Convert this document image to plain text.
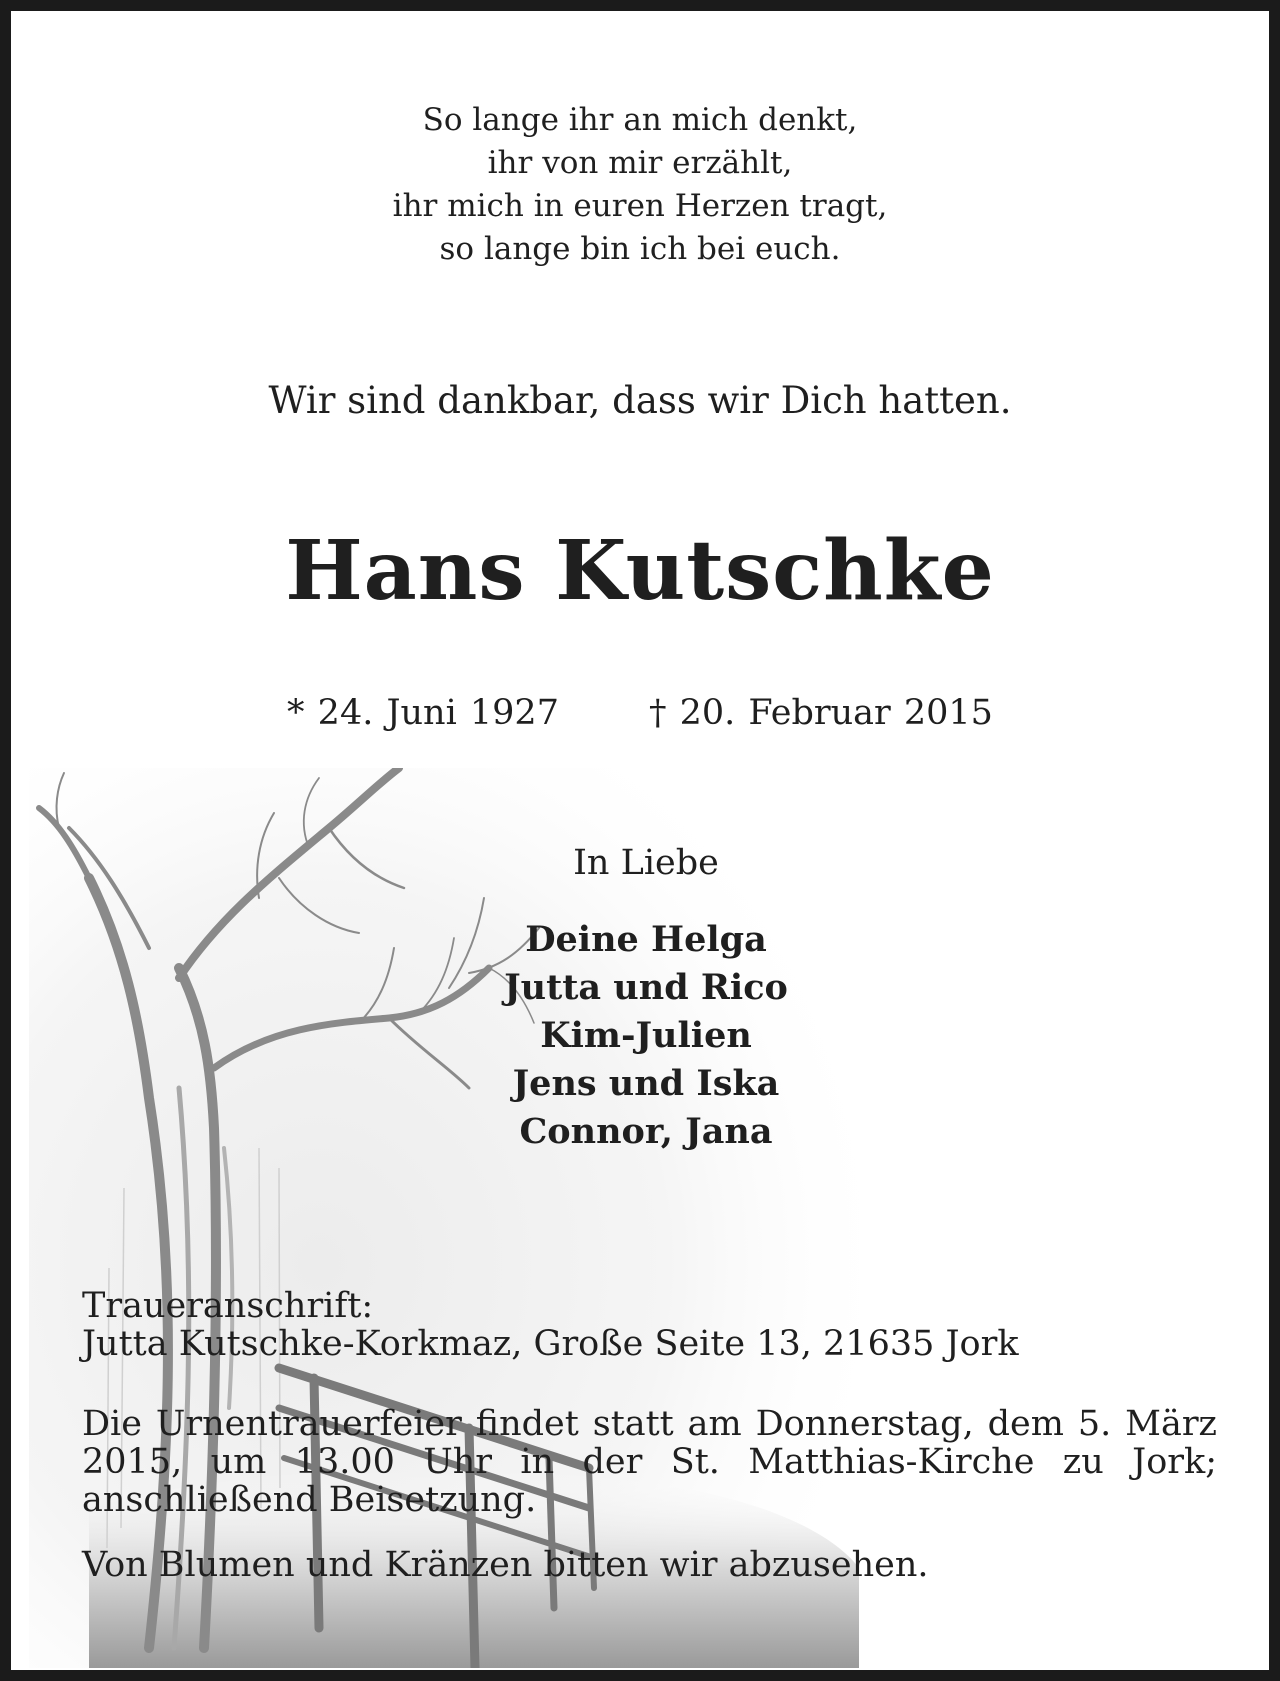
So lange ihr an mich denkt,
ihr von mir erzählt,
ihr mich in euren Herzen tragt,
so lange bin ich bei euch.
Wir sind dankbar, dass wir Dich hatten.
Hans Kutschke
* 24. Juni 1927	† 20. Februar 2015
In Liebe
Deine Helga
Jutta und Rico
Kim-Julien
Jens und Iska
Connor, Jana
Traueranschrift:
Jutta Kutschke-Korkmaz, Große Seite 13, 21635 Jork
Die Urnentrauerfeier findet statt am Donnerstag, dem 5. März 2015, um 13.00 Uhr in der St. Matthias-Kirche zu Jork; anschließend Beisetzung.
Von Blumen und Kränzen bitten wir abzusehen.
